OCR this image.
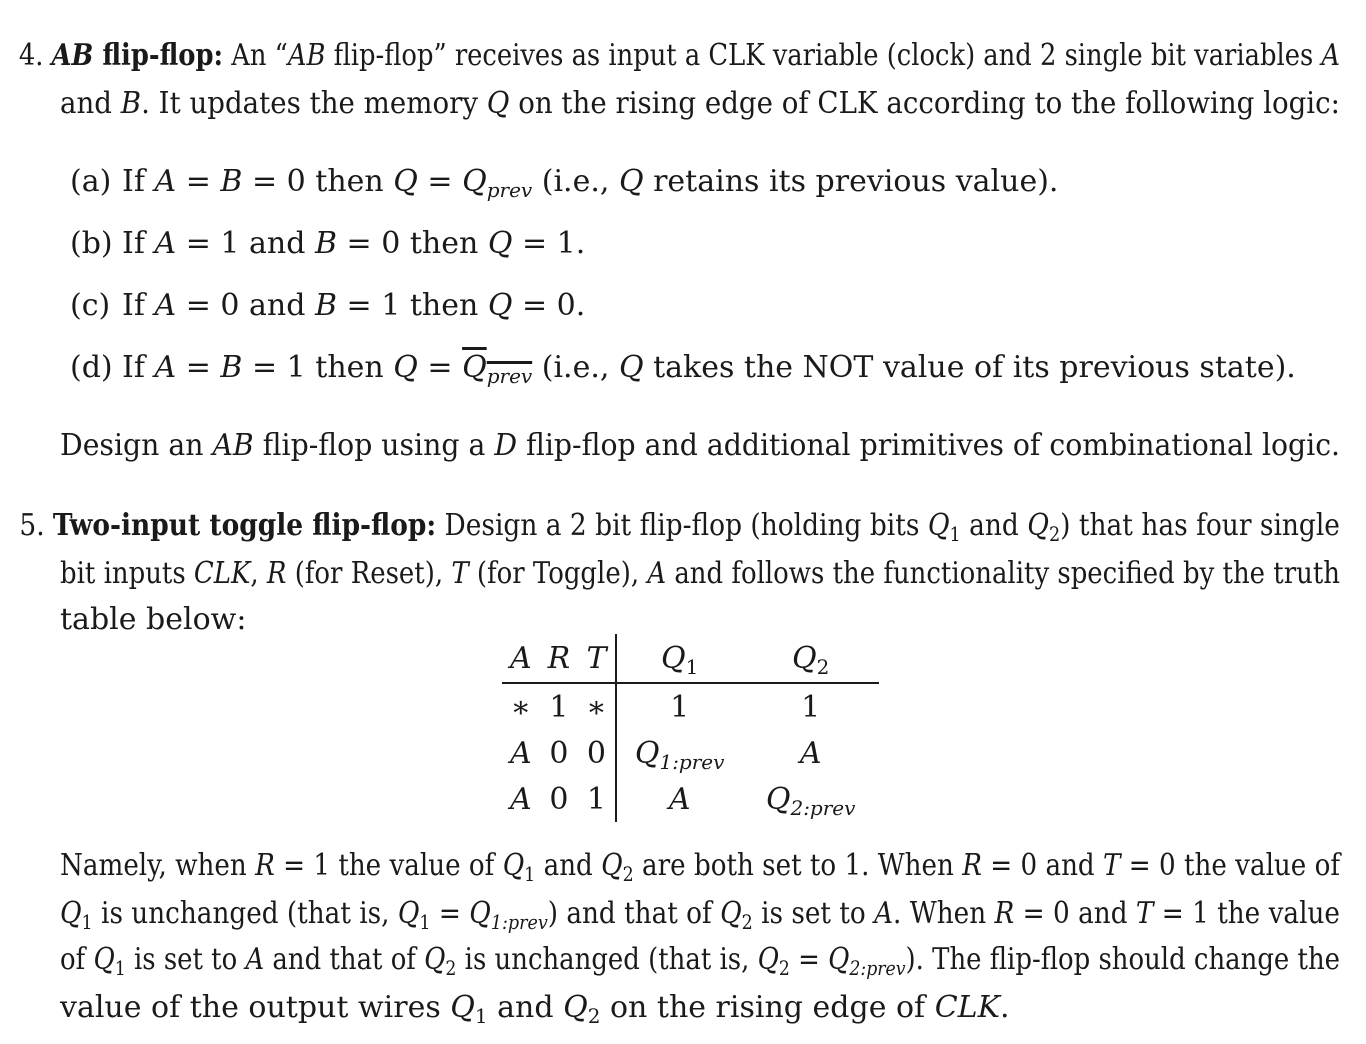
4. AB flip-flop: An “AB flip-flop” receives as input a CLK variable (clock) and 2 single bit variables A
and B. It updates the memory Q on the rising edge of CLK according to the following logic:
(a) If A = B = 0 then $Q = Q_{prev}$ (i.e., Q retains its previous value).
(b) If A = 1 and B = 0 then Q = 1.
(c) If A = 0 and B = 1 then Q = 0.
(d) If A = B = 1 then $Q = Q_{prev}$ (i.e., Q takes the NOT value of its previous state).
Design an AB flip-flop using a D flip-flop and additional primitives of combinational logic.
5. Two-input toggle flip-flop: Design a 2 bit flip-flop (holding bits $Q_1$ and $Q_2$) that has four single
bit inputs CLK, R (for Reset), T (for Toggle), A and follows the functionality specified by the truth
table below:
A	R	T	$Q_1$	$Q_2$
∗	1	∗	1	1
A	0	0	$Q_{1:prev}$	A
A	0	1	A	$Q_{2:prev}$
Namely, when R = 1 the value of $Q_1$ and $Q_2$ are both set to 1. When R = 0 and T = 0 the value of
$Q_1$ is unchanged (that is, $Q_1 = Q_{1:prev}$) and that of $Q_2$ is set to A. When R = 0 and T = 1 the value
of $Q_1$ is set to A and that of $Q_2$ is unchanged (that is, $Q_2 = Q_{2:prev}$). The flip-flop should change the
value of the output wires $Q_1$ and $Q_2$ on the rising edge of CLK.
